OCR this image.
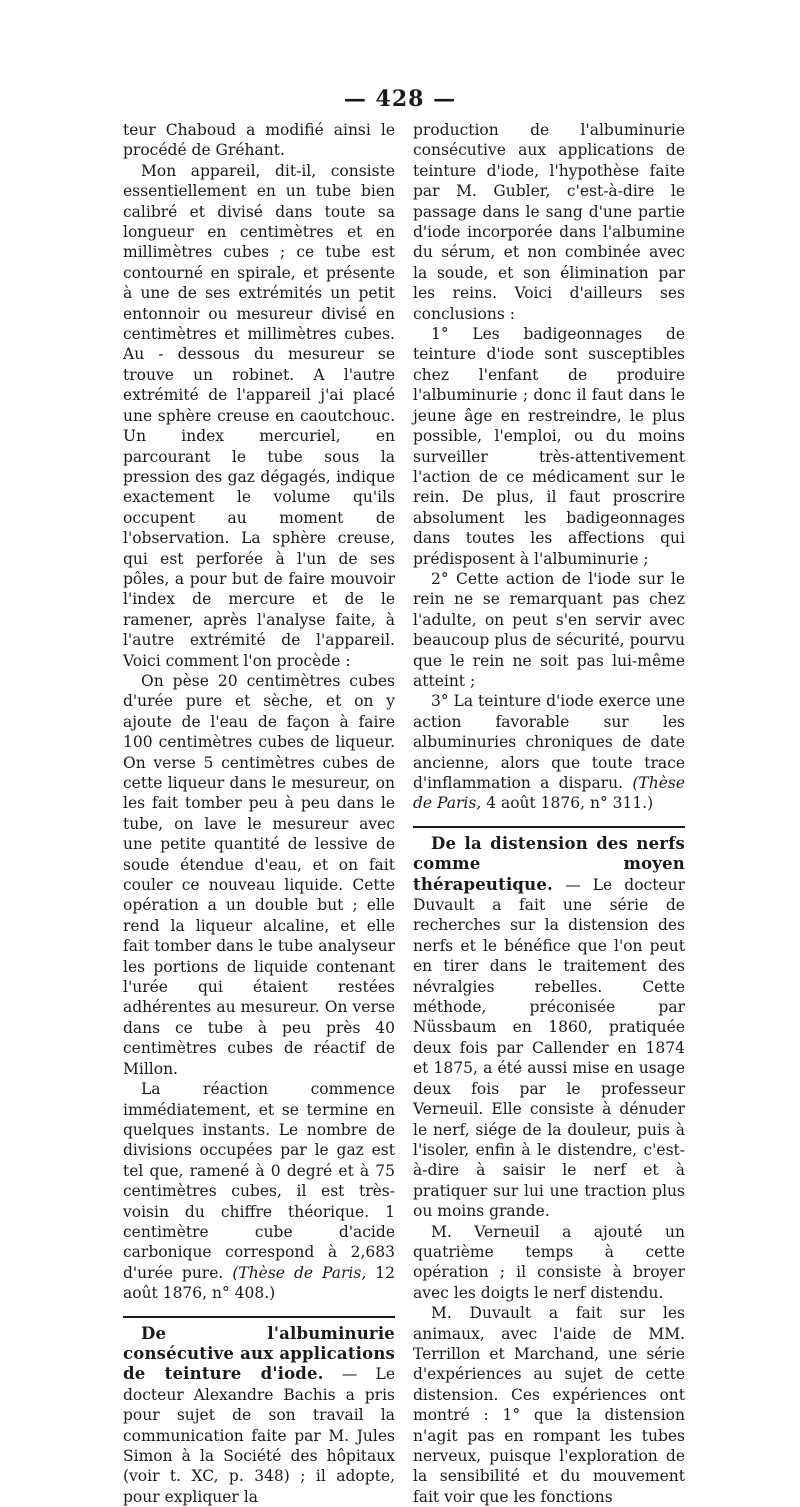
— 428 —

teur Chaboud a modifié ainsi le procédé de Gréhant.

Mon appareil, dit-il, consiste essentiellement en un tube bien calibré et divisé dans toute sa longueur en centimètres et en millimètres cubes ; ce tube est contourné en spirale, et présente à une de ses extrémités un petit entonnoir ou mesureur divisé en centimètres et millimètres cubes. Au - dessous du mesureur se trouve un robinet. A l'autre extrémité de l'appareil j'ai placé une sphère creuse en caoutchouc. Un index mercuriel, en parcourant le tube sous la pression des gaz dégagés, indique exactement le volume qu'ils occupent au moment de l'observation. La sphère creuse, qui est perforée à l'un de ses pôles, a pour but de faire mouvoir l'index de mercure et de le ramener, après l'analyse faite, à l'autre extrémité de l'appareil. Voici comment l'on procède :

On pèse 20 centimètres cubes d'urée pure et sèche, et on y ajoute de l'eau de façon à faire 100 centimètres cubes de liqueur. On verse 5 centimètres cubes de cette liqueur dans le mesureur, on les fait tomber peu à peu dans le tube, on lave le mesureur avec une petite quantité de lessive de soude étendue d'eau, et on fait couler ce nouveau liquide. Cette opération a un double but ; elle rend la liqueur alcaline, et elle fait tomber dans le tube analyseur les portions de liquide contenant l'urée qui étaient restées adhérentes au mesureur. On verse dans ce tube à peu près 40 centimètres cubes de réactif de Millon.

La réaction commence immédiatement, et se termine en quelques instants. Le nombre de divisions occupées par le gaz est tel que, ramené à 0 degré et à 75 centimètres cubes, il est très-voisin du chiffre théorique. 1 centimètre cube d'acide carbonique correspond à 2,683 d'urée pure. (Thèse de Paris, 12 août 1876, n° 408.)

De l'albuminurie consécutive aux applications de teinture d'iode. — Le docteur Alexandre Bachis a pris pour sujet de son travail la communication faite par M. Jules Simon à la Société des hôpitaux (voir t. XC, p. 348) ; il adopte, pour expliquer la

production de l'albuminurie consécutive aux applications de teinture d'iode, l'hypothèse faite par M. Gubler, c'est-à-dire le passage dans le sang d'une partie d'iode incorporée dans l'albumine du sérum, et non combinée avec la soude, et son élimination par les reins. Voici d'ailleurs ses conclusions :

1° Les badigeonnages de teinture d'iode sont susceptibles chez l'enfant de produire l'albuminurie ; donc il faut dans le jeune âge en restreindre, le plus possible, l'emploi, ou du moins surveiller très-attentivement l'action de ce médicament sur le rein. De plus, il faut proscrire absolument les badigeonnages dans toutes les affections qui prédisposent à l'albuminurie ;

2° Cette action de l'iode sur le rein ne se remarquant pas chez l'adulte, on peut s'en servir avec beaucoup plus de sécurité, pourvu que le rein ne soit pas lui-même atteint ;

3° La teinture d'iode exerce une action favorable sur les albuminuries chroniques de date ancienne, alors que toute trace d'inflammation a disparu. (Thèse de Paris, 4 août 1876, n° 311.)

De la distension des nerfs comme moyen thérapeutique. — Le docteur Duvault a fait une série de recherches sur la distension des nerfs et le bénéfice que l'on peut en tirer dans le traitement des névralgies rebelles. Cette méthode, préconisée par Nüssbaum en 1860, pratiquée deux fois par Callender en 1874 et 1875, a été aussi mise en usage deux fois par le professeur Verneuil. Elle consiste à dénuder le nerf, siége de la douleur, puis à l'isoler, enfin à le distendre, c'est-à-dire à saisir le nerf et à pratiquer sur lui une traction plus ou moins grande.

M. Verneuil a ajouté un quatrième temps à cette opération ; il consiste à broyer avec les doigts le nerf distendu.

M. Duvault a fait sur les animaux, avec l'aide de MM. Terrillon et Marchand, une série d'expériences au sujet de cette distension. Ces expériences ont montré : 1° que la distension n'agit pas en rompant les tubes nerveux, puisque l'exploration de la sensibilité et du mouvement fait voir que les fonctions
